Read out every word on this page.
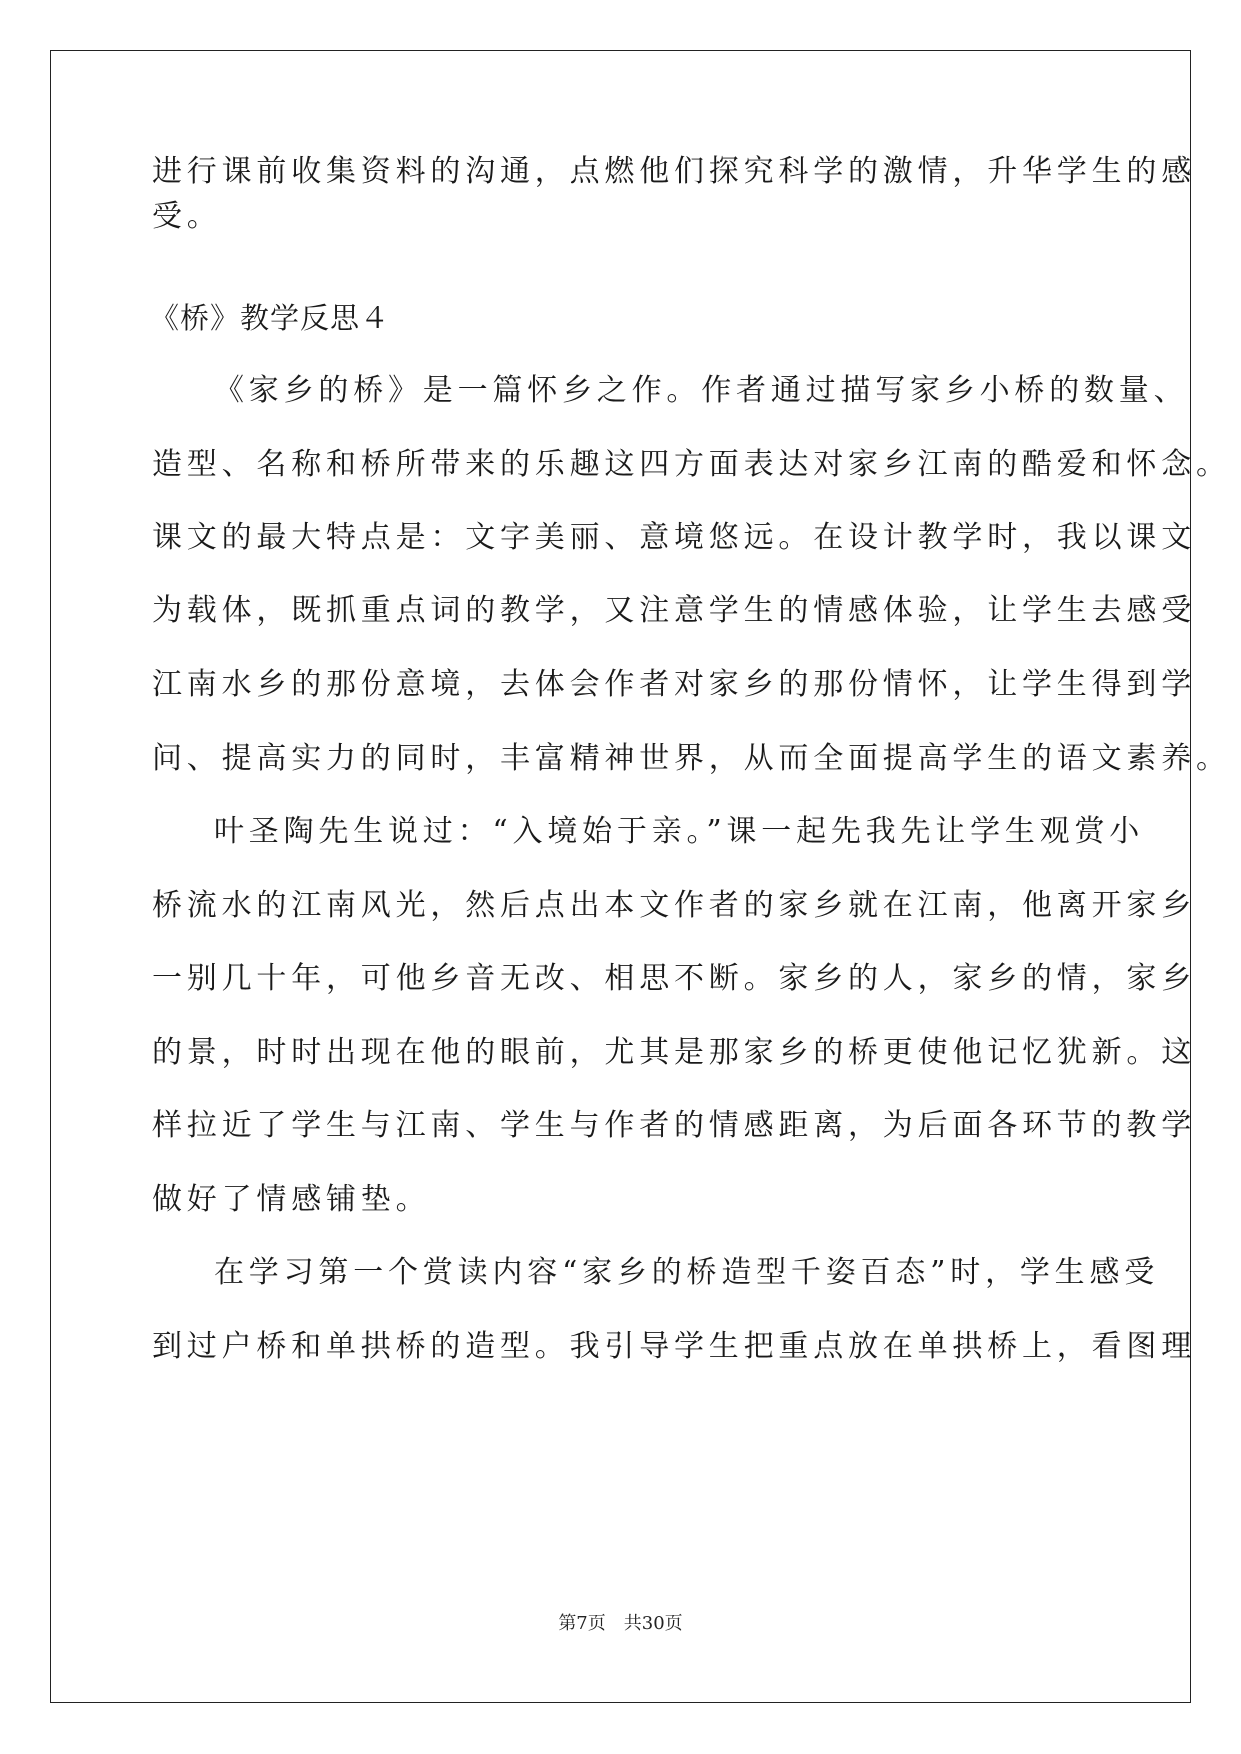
进行课前收集资料的沟通，点燃他们探究科学的激情，升华学生的感

受。

《桥》教学反思４

《家乡的桥》是一篇怀乡之作。作者通过描写家乡小桥的数量、

造型、名称和桥所带来的乐趣这四方面表达对家乡江南的酷爱和怀念。

课文的最大特点是：文字美丽、意境悠远。在设计教学时，我以课文

为载体，既抓重点词的教学，又注意学生的情感体验，让学生去感受

江南水乡的那份意境，去体会作者对家乡的那份情怀，让学生得到学

问、提高实力的同时，丰富精神世界，从而全面提高学生的语文素养。

叶圣陶先生说过：“入境始于亲。”课一起先我先让学生观赏小

桥流水的江南风光，然后点出本文作者的家乡就在江南，他离开家乡

一别几十年，可他乡音无改、相思不断。家乡的人，家乡的情，家乡

的景，时时出现在他的眼前，尤其是那家乡的桥更使他记忆犹新。这

样拉近了学生与江南、学生与作者的情感距离，为后面各环节的教学

做好了情感铺垫。

在学习第一个赏读内容“家乡的桥造型千姿百态”时，学生感受

到过户桥和单拱桥的造型。我引导学生把重点放在单拱桥上，看图理

第7页　共30页
